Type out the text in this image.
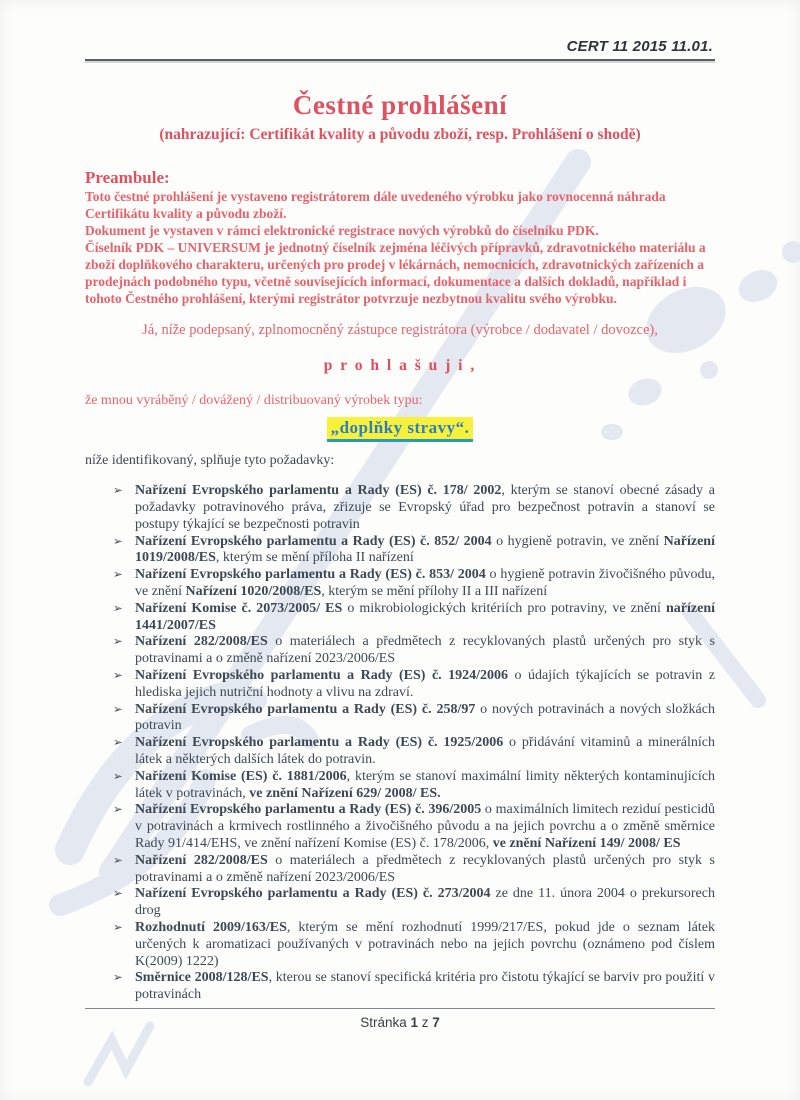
CERT 11 2015 11.01.
Čestné prohlášení
(nahrazující: Certifikát kvality a původu zboží, resp. Prohlášení o shodě)
Preambule:

Toto čestné prohlášení je vystaveno registrátorem dále uvedeného výrobku jako rovnocenná náhrada Certifikátu kvality a původu zboží.

Dokument je vystaven v rámci elektronické registrace nových výrobků do číselníku PDK.

Číselník PDK – UNIVERSUM je jednotný číselník zejména léčivých přípravků, zdravotnického materiálu a zboží doplňkového charakteru, určených pro prodej v lékárnách, nemocnicích, zdravotnických zařízeních a prodejnách podobného typu, včetně souvisejících informací, dokumentace a dalších dokladů, například i tohoto Čestného prohlášení, kterými registrátor potvrzuje nezbytnou kvalitu svého výrobku.

Já, níže podepsaný, zplnomocněný zástupce registrátora (výrobce / dodavatel / dovozce),
p r o h l a š u j i ,
že mnou vyráběný / dovážený / distribuovaný výrobek typu:
„doplňky stravy“.
níže identifikovaný, splňuje tyto požadavky:
➢ Nařízení Evropského parlamentu a Rady (ES) č. 178/ 2002, kterým se stanoví obecné zásady a požadavky potravinového práva, zřizuje se Evropský úřad pro bezpečnost potravin a stanoví se postupy týkající se bezpečnosti potravin
➢ Nařízení Evropského parlamentu a Rady (ES) č. 852/ 2004 o hygieně potravin, ve znění Nařízení 1019/2008/ES, kterým se mění příloha II nařízení
➢ Nařízení Evropského parlamentu a Rady (ES) č. 853/ 2004 o hygieně potravin živočišného původu, ve znění Nařízení 1020/2008/ES, kterým se mění přílohy II a III nařízení
➢ Nařízení Komise č. 2073/2005/ ES o mikrobiologických kritériích pro potraviny, ve znění nařízení 1441/2007/ES
➢ Nařízení 282/2008/ES o materiálech a předmětech z recyklovaných plastů určených pro styk s potravinami a o změně nařízení 2023/2006/ES
➢ Nařízení Evropského parlamentu a Rady (ES) č. 1924/2006 o údajích týkajících se potravin z hlediska jejich nutriční hodnoty a vlivu na zdraví.
➢ Nařízení Evropského parlamentu a Rady (ES) č. 258/97 o nových potravinách a nových složkách potravin
➢ Nařízení Evropského parlamentu a Rady (ES) č. 1925/2006 o přidávání vitaminů a minerálních látek a některých dalších látek do potravin.
➢ Nařízení Komise (ES) č. 1881/2006, kterým se stanoví maximální limity některých kontaminujících látek v potravinách, ve znění Nařízení 629/ 2008/ ES.
➢ Nařízení Evropského parlamentu a Rady (ES) č. 396/2005 o maximálních limitech reziduí pesticidů v potravinách a krmivech rostlinného a živočišného původu a na jejich povrchu a o změně směrnice Rady 91/414/EHS, ve znění nařízení Komise (ES) č. 178/2006, ve znění Nařízení 149/ 2008/ ES
➢ Nařízení 282/2008/ES o materiálech a předmětech z recyklovaných plastů určených pro styk s potravinami a o změně nařízení 2023/2006/ES
➢ Nařízení Evropského parlamentu a Rady (ES) č. 273/2004 ze dne 11. února 2004 o prekursorech drog
➢ Rozhodnutí 2009/163/ES, kterým se mění rozhodnutí 1999/217/ES, pokud jde o seznam látek určených k aromatizaci používaných v potravinách nebo na jejich povrchu (oznámeno pod číslem K(2009) 1222)
➢ Směrnice 2008/128/ES, kterou se stanoví specifická kritéria pro čistotu týkající se barviv pro použití v potravinách
Stránka 1 z 7
